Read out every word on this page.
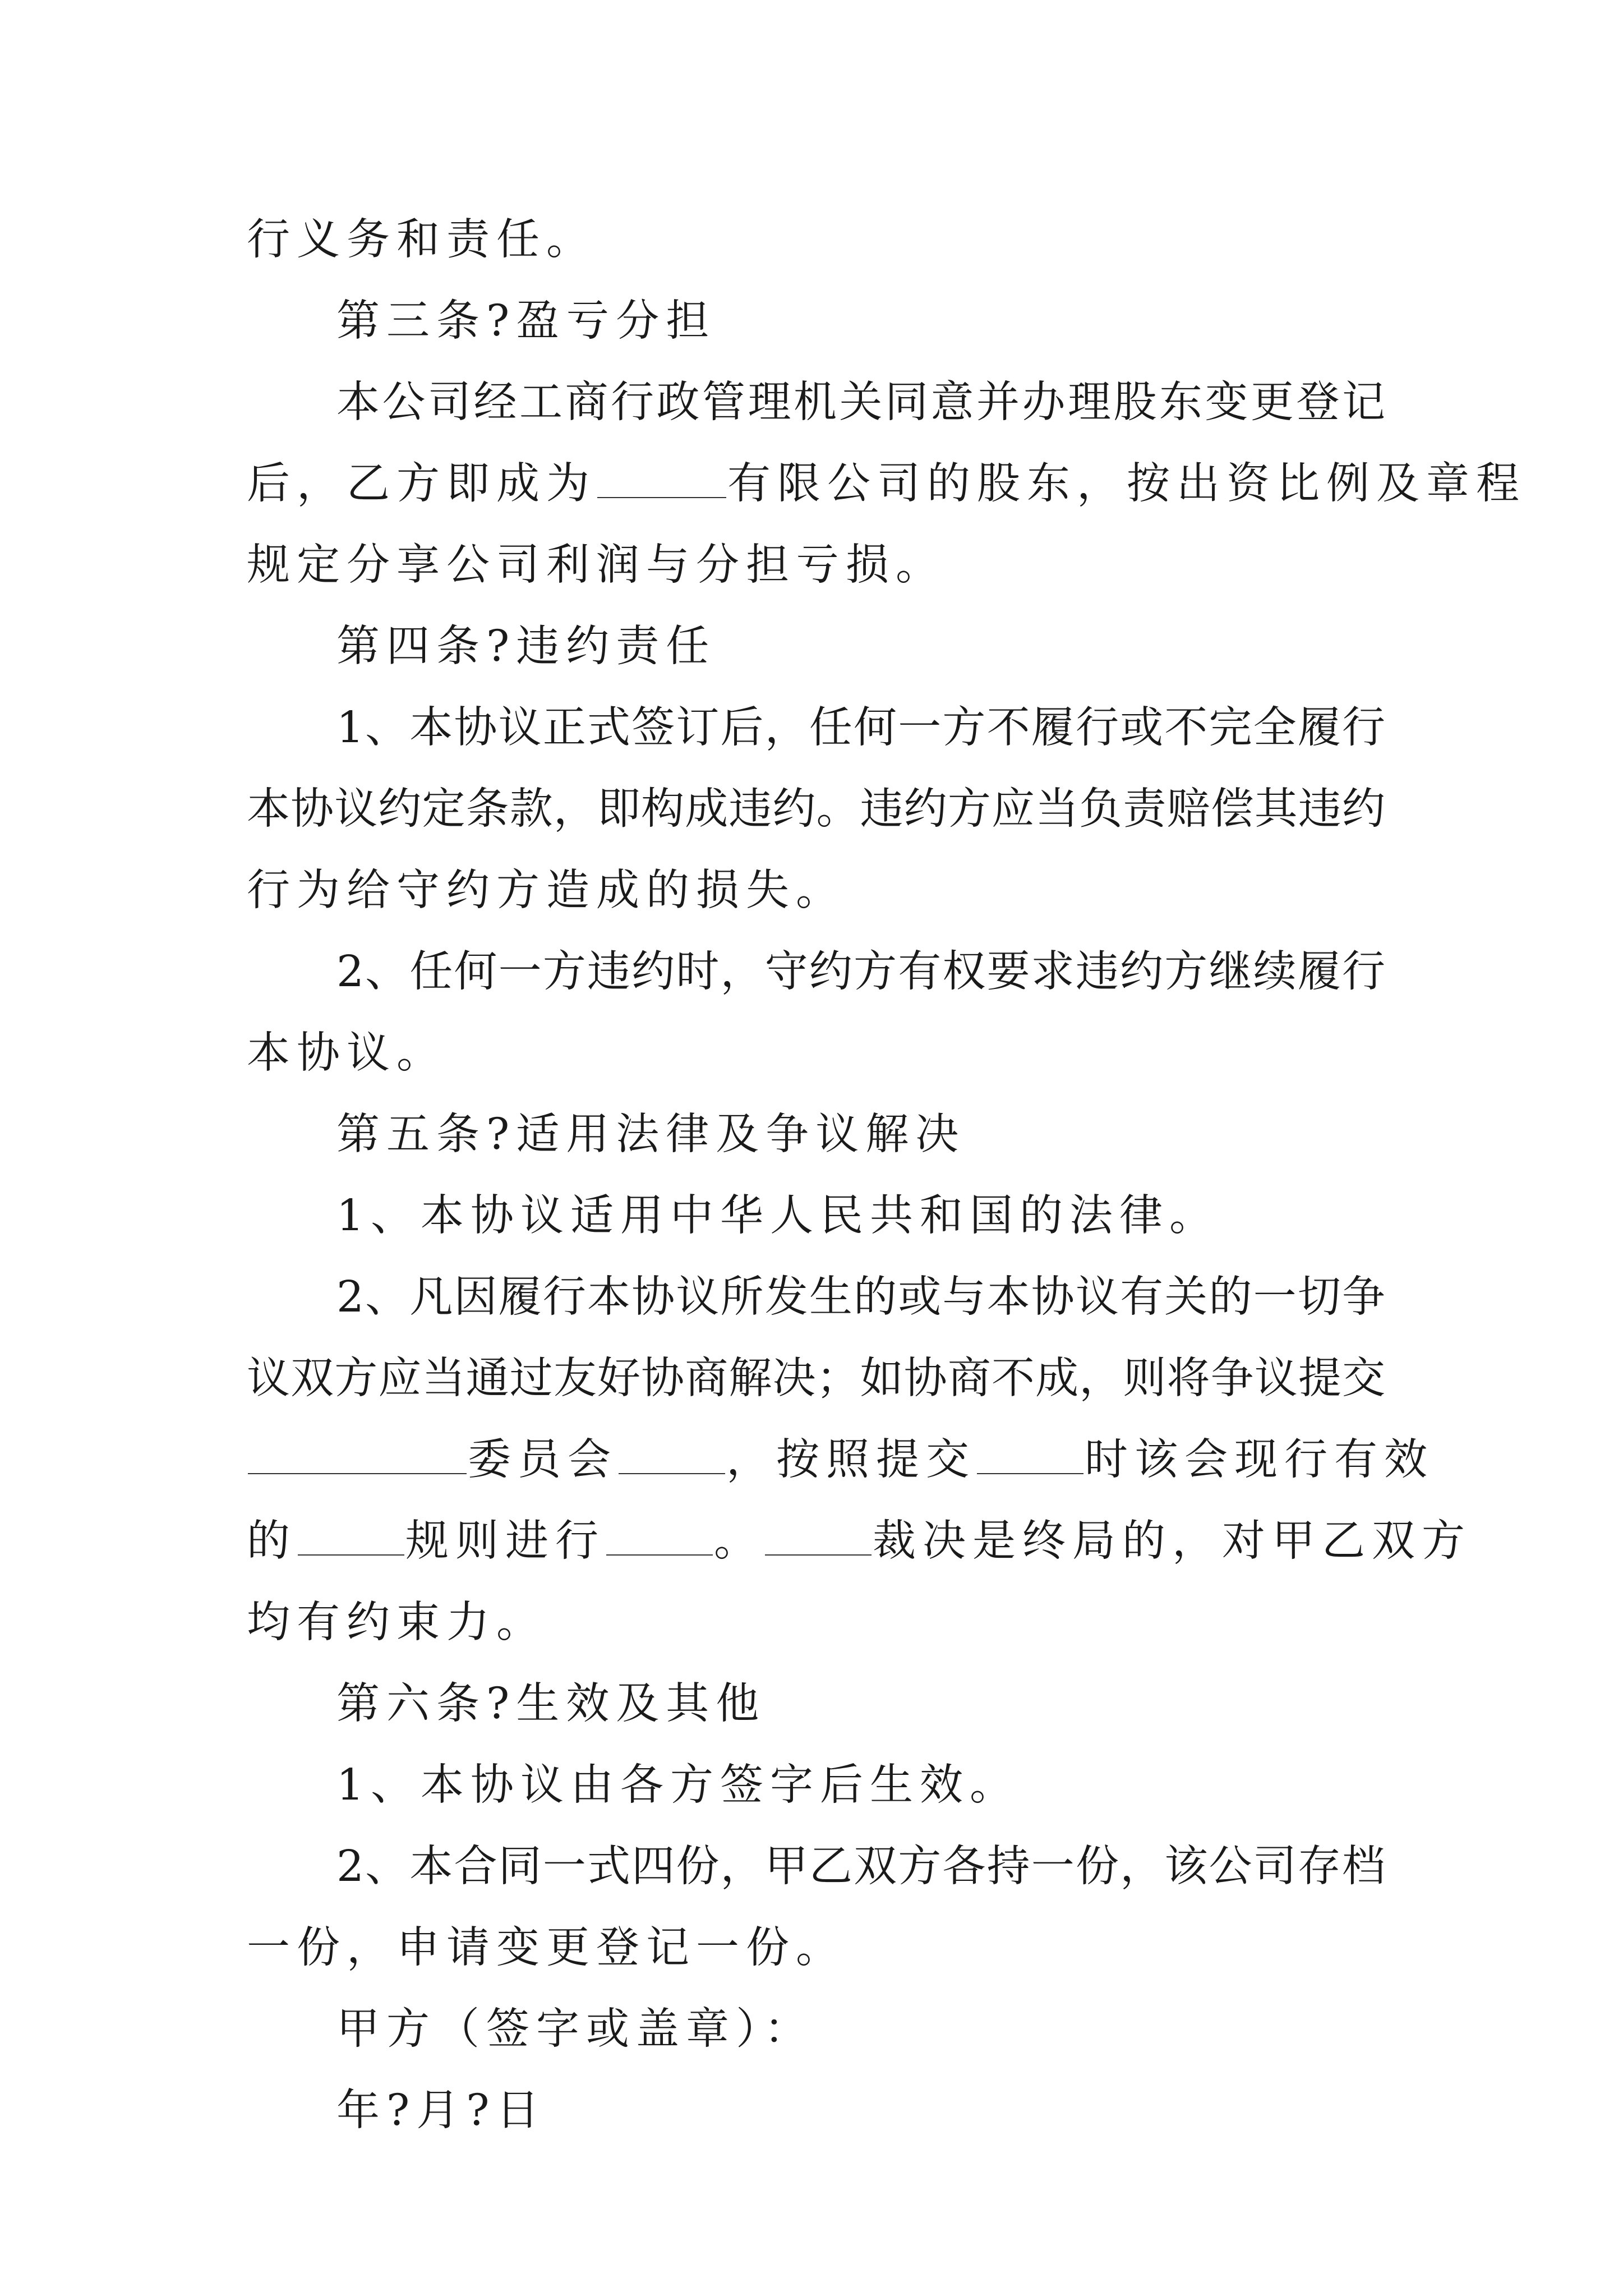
行义务和责任。
第三条?盈亏分担
本公司经工商行政管理机关同意并办理股东变更登记
后，乙方即成为	有限公司的股东，按出资比例及章程
规定分享公司利润与分担亏损。
第四条?违约责任
1、本协议正式签订后，任何一方不履行或不完全履行
本协议约定条款，即构成违约。违约方应当负责赔偿其违约
行为给守约方造成的损失。
2、任何一方违约时，守约方有权要求违约方继续履行
本协议。
第五条?适用法律及争议解决
1、本协议适用中华人民共和国的法律。
2、凡因履行本协议所发生的或与本协议有关的一切争
议双方应当通过友好协商解决；如协商不成，则将争议提交
委员会	，按照提交	时该会现行有效
的	规则进行	。	裁决是终局的，对甲乙双方
均有约束力。
第六条?生效及其他
1、本协议由各方签字后生效。
2、本合同一式四份，甲乙双方各持一份，该公司存档
一份，申请变更登记一份。
甲方（签字或盖章）：
年?月?日
